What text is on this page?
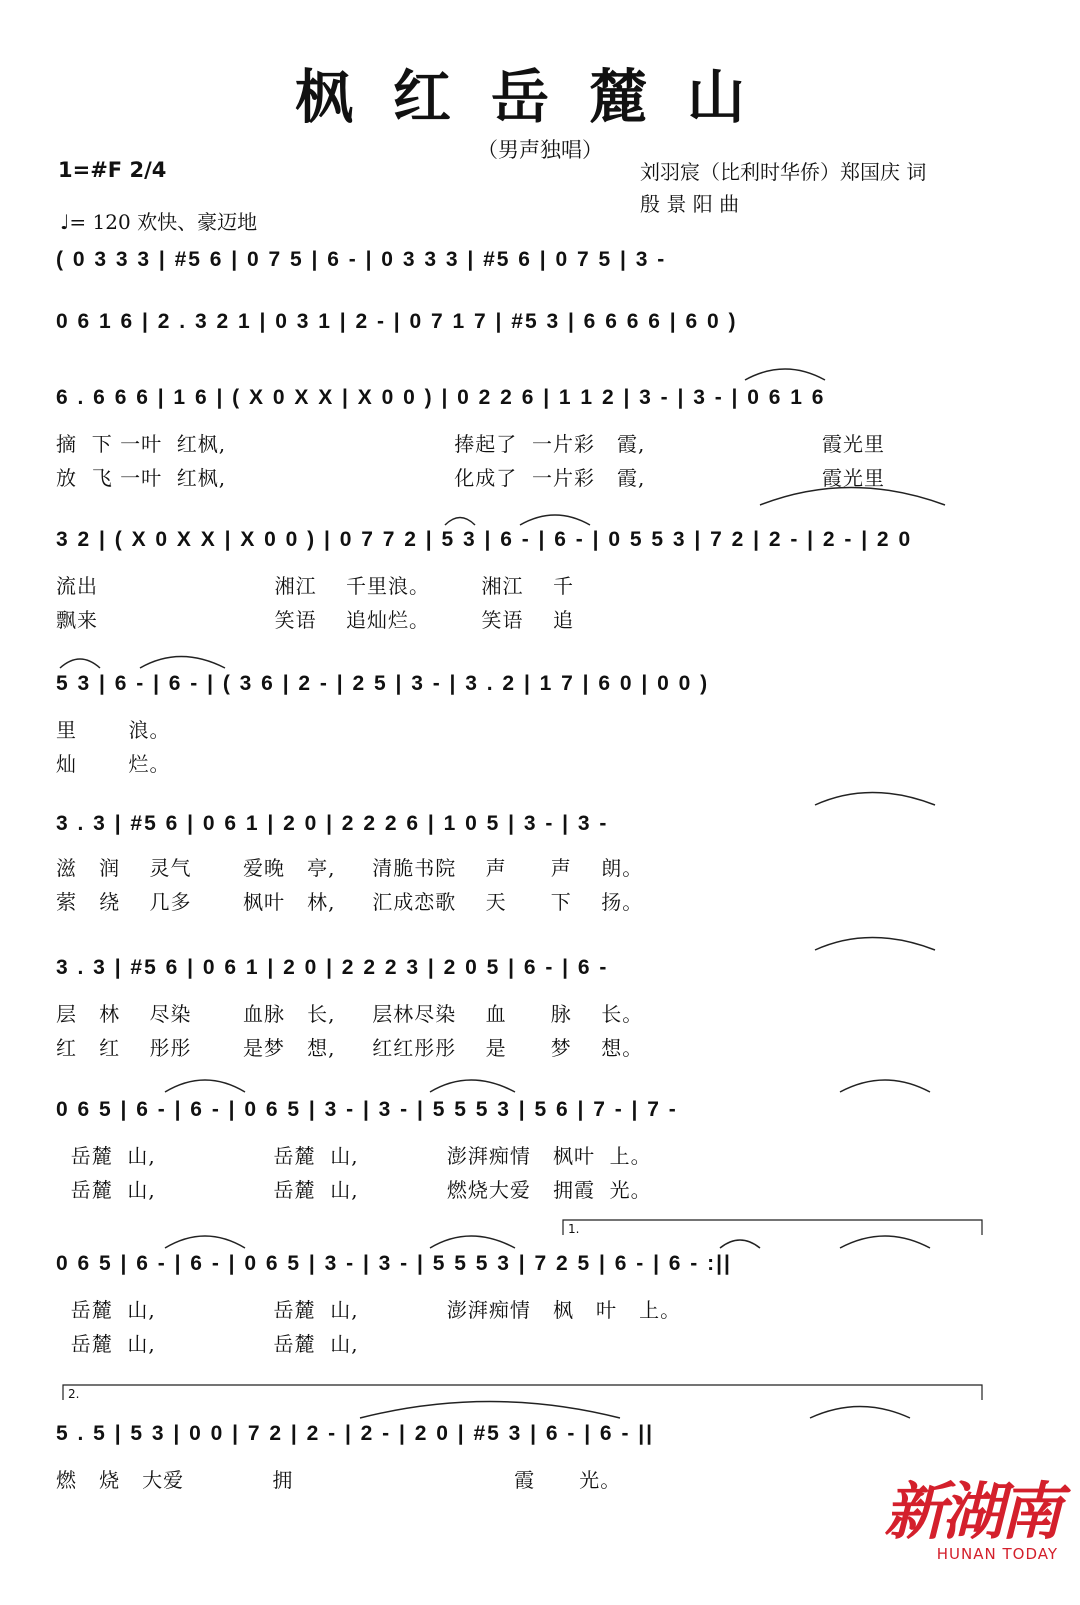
枫红岳麓山
（男声独唱）
1=#F 2/4	刘羽宸（比利时华侨）郑国庆 词
殷 景 阳 曲
♩= 120 欢快、豪迈地
( 0 3 3 3 | #5 6 | 0 7 5 | 6 - | 0 3 3 3 | #5 6 | 0 7 5 | 3 -
0 6 1 6 | 2 . 3 2 1 | 0 3 1 | 2 - | 0 7 1 7 | #5 3 | 6 6 6 6 | 6 0 )
6 . 6 6 6 | 1 6 | ( X 0 X X | X 0 0 ) | 0 2 2 6 | 1 1 2 | 3 - | 3 - | 0 6 1 6
摘  下 一叶  红枫,                               捧起了  一片彩   霞,                        霞光里
放  飞 一叶  红枫,                               化成了  一片彩   霞,                        霞光里
3 2 | ( X 0 X X | X 0 0 ) | 0 7 7 2 | 5 3 | 6 - | 6 - | 0 5 5 3 | 7 2 | 2 - | 2 - | 2 0
流出                        湘江    千里浪。       湘江    千
飘来                        笑语    追灿烂。       笑语    追
5 3 | 6 - | 6 - | ( 3 6 | 2 - | 2 5 | 3 - | 3 . 2 | 1 7 | 6 0 | 0 0 )
里       浪。
灿       烂。
3 . 3 | #5 6 | 0 6 1 | 2 0 | 2 2 2 6 | 1 0 5 | 3 - | 3 -
滋   润    灵气       爱晚   亭,     清脆书院    声      声    朗。
萦   绕    几多       枫叶   林,     汇成恋歌    天      下    扬。
3 . 3 | #5 6 | 0 6 1 | 2 0 | 2 2 2 3 | 2 0 5 | 6 - | 6 -
层   林    尽染       血脉   长,     层林尽染    血      脉    长。
红   红    彤彤       是梦   想,     红红彤彤    是      梦    想。
0 6 5 | 6 - | 6 - | 0 6 5 | 3 - | 3 - | 5 5 5 3 | 5 6 | 7 - | 7 -
岳麓  山,                岳麓  山,            澎湃痴情   枫叶  上。
岳麓  山,                岳麓  山,            燃烧大爱   拥霞  光。
1.
0 6 5 | 6 - | 6 - | 0 6 5 | 3 - | 3 - | 5 5 5 3 | 7 2 5 | 6 - | 6 - :||
岳麓  山,                岳麓  山,            澎湃痴情   枫   叶   上。
岳麓  山,                岳麓  山,
2.
5 . 5 | 5 3 | 0 0 | 7 2 | 2 - | 2 - | 2 0 | #5 3 | 6 - | 6 - ||
燃   烧   大爱            拥                              霞      光。	新湖南
HUNAN TODAY
